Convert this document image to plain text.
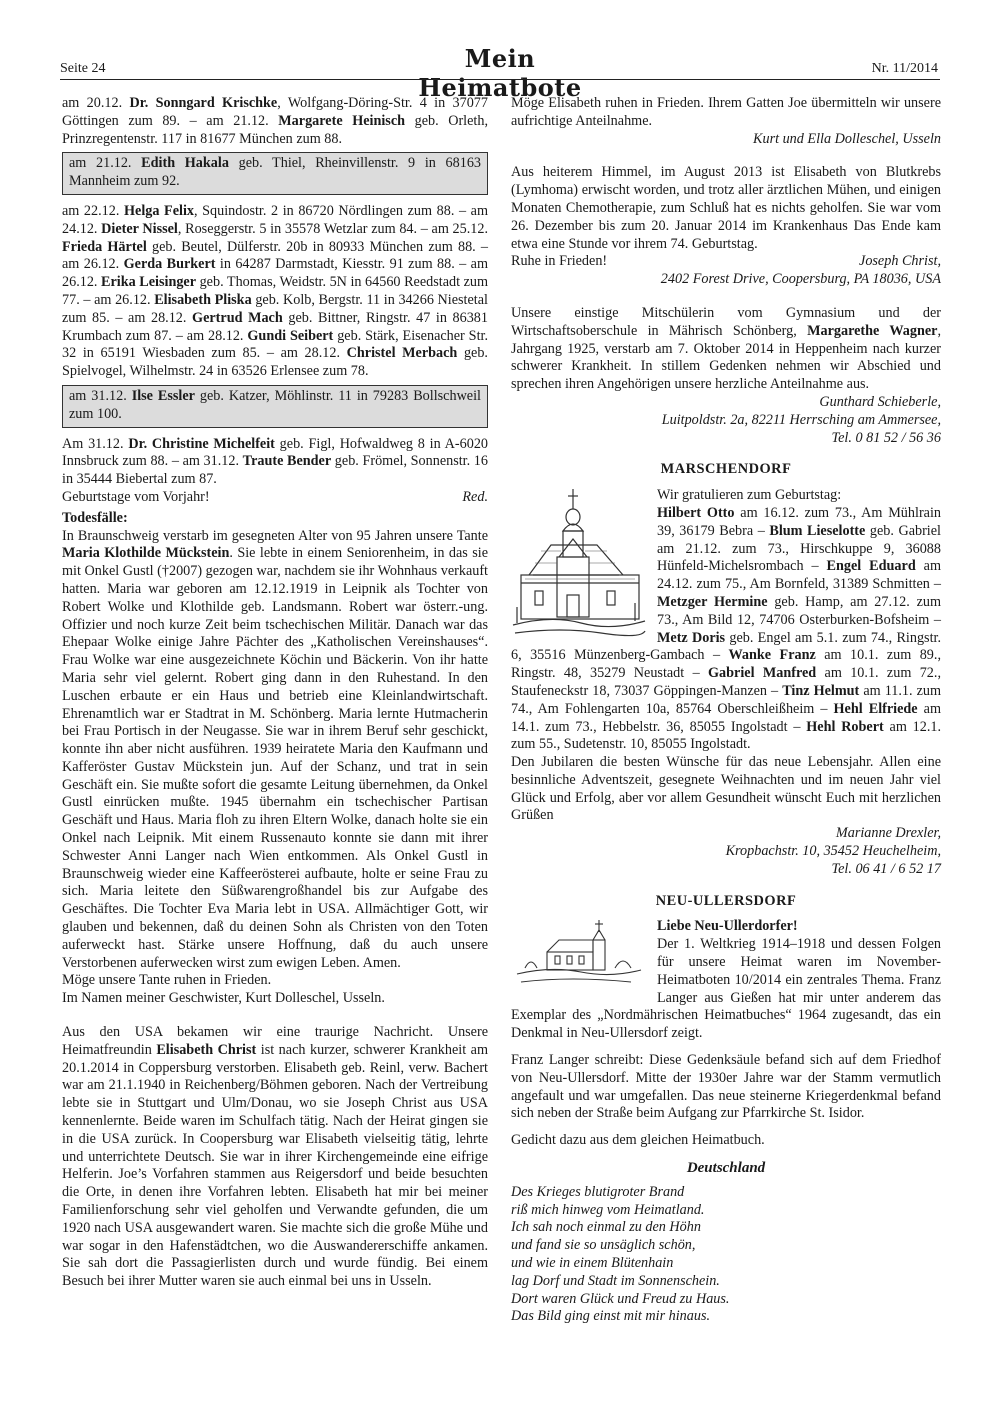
Seite 24	Mein Heimatbote
Nr. 11/2014

am 20.12. Dr. Sonngard Krischke, Wolfgang-Döring-Str. 4 in 37077 Göttingen zum 89. – am 21.12. Margarete Heinisch geb. Orleth, Prinzregentenstr. 117 in 81677 München zum 88.

am 21.12. Edith Hakala geb. Thiel, Rheinvillenstr. 9 in 68163 Mannheim zum 92.

am 22.12. Helga Felix, Squindostr. 2 in 86720 Nördlingen zum 88. – am 24.12. Dieter Nissel, Roseggerstr. 5 in 35578 Wetzlar zum 84. – am 25.12. Frieda Härtel geb. Beutel, Dülferstr. 20b in 80933 München zum 88. – am 26.12. Gerda Burkert in 64287 Darmstadt, Kiesstr. 91 zum 88. – am 26.12. Erika Leisinger geb. Thomas, Weidstr. 5N in 64560 Reedstadt zum 77. – am 26.12. Elisabeth Pliska geb. Kolb, Bergstr. 11 in 34266 Niestetal zum 85. – am 28.12. Gertrud Mach geb. Bittner, Ringstr. 47 in 86381 Krumbach zum 87. – am 28.12. Gundi Seibert geb. Stärk, Eisenacher Str. 32 in 65191 Wiesbaden zum 85. – am 28.12. Christel Merbach geb. Spielvogel, Wilhelmstr. 24 in 63526 Erlensee zum 78.

am 31.12. Ilse Essler geb. Katzer, Möhlinstr. 11 in 79283 Bollschweil zum 100.

Am 31.12. Dr. Christine Michelfeit geb. Figl, Hofwaldweg 8 in A-6020 Innsbruck zum 88. – am 31.12. Traute Bender geb. Frömel, Sonnenstr. 16 in 35444 Biebertal zum 87.

Geburtstage vom Vorjahr!	Red.

Todesfälle:

In Braunschweig verstarb im gesegneten Alter von 95 Jahren unsere Tante Maria Klothilde Mückstein. Sie lebte in einem Seniorenheim, in das sie mit Onkel Gustl (†2007) gezogen war, nachdem sie ihr Wohnhaus verkauft hatten. Maria war geboren am 12.12.1919 in Leipnik als Tochter von Robert Wolke und Klothilde geb. Landsmann. Robert war österr.-ung. Offizier und noch kurze Zeit beim tschechischen Militär. Danach war das Ehepaar Wolke einige Jahre Pächter des „Katholischen Vereinshauses“. Frau Wolke war eine ausgezeichnete Köchin und Bäckerin. Von ihr hatte Maria sehr viel gelernt. Robert ging dann in den Ruhestand. In den Luschen erbaute er ein Haus und betrieb eine Kleinlandwirtschaft. Ehrenamtlich war er Stadtrat in M. Schönberg. Maria lernte Hutmacherin bei Frau Portisch in der Neugasse. Sie war in ihrem Beruf sehr geschickt, konnte ihn aber nicht ausführen. 1939 heiratete Maria den Kaufmann und Kafferöster Gustav Mückstein jun. Auf der Schanz, und trat in sein Geschäft ein. Sie mußte sofort die gesamte Leitung übernehmen, da Onkel Gustl einrücken mußte. 1945 übernahm ein tschechischer Partisan Geschäft und Haus. Maria floh zu ihren Eltern Wolke, danach holte sie ein Onkel nach Leipnik. Mit einem Russenauto konnte sie dann mit ihrer Schwester Anni Langer nach Wien entkommen. Als Onkel Gustl in Braunschweig wieder eine Kaffeerösterei aufbaute, holte er seine Frau zu sich. Maria leitete den Süßwarengroßhandel bis zur Aufgabe des Geschäftes. Die Tochter Eva Maria lebt in USA. Allmächtiger Gott, wir glauben und bekennen, daß du deinen Sohn als Christen von den Toten auferweckt hast. Stärke unsere Hoffnung, daß du auch unsere Verstorbenen auferwecken wirst zum ewigen Leben. Amen.

Möge unsere Tante ruhen in Frieden.

Im Namen meiner Geschwister, Kurt Dolleschel, Usseln.

Aus den USA bekamen wir eine traurige Nachricht. Unsere Heimatfreundin Elisabeth Christ ist nach kurzer, schwerer Krankheit am 20.1.2014 in Coppersburg verstorben. Elisabeth geb. Reinl, verw. Bachert war am 21.1.1940 in Reichenberg/Böhmen geboren. Nach der Vertreibung lebte sie in Stuttgart und Ulm/Donau, wo sie Joseph Christ aus USA kennenlernte. Beide waren im Schulfach tätig. Nach der Heirat gingen sie in die USA zurück. In Coopersburg war Elisabeth vielseitig tätig, lehrte und unterrichtete Deutsch. Sie war in ihrer Kirchengemeinde eine eifrige Helferin. Joe’s Vorfahren stammen aus Reigersdorf und beide besuchten die Orte, in denen ihre Vorfahren lebten. Elisabeth hat mir bei meiner Familienforschung sehr viel geholfen und Verwandte gefunden, die um 1920 nach USA ausgewandert waren. Sie machte sich die große Mühe und war sogar in den Hafenstädtchen, wo die Auswandererschiffe ankamen. Sie sah dort die Passagierlisten durch und wurde fündig. Bei einem Besuch bei ihrer Mutter waren sie auch einmal bei uns in Usseln.

Möge Elisabeth ruhen in Frieden. Ihrem Gatten Joe übermitteln wir unsere aufrichtige Anteilnahme.

Kurt und Ella Dolleschel, Usseln

Aus heiterem Himmel, im August 2013 ist Elisabeth von Blutkrebs (Lymhoma) erwischt worden, und trotz aller ärztlichen Mühen, und einigen Monaten Chemotherapie, zum Schluß hat es nichts geholfen. Sie war vom 26. Dezember bis zum 20. Januar 2014 im Krankenhaus Das Ende kam etwa eine Stunde vor ihrem 74. Geburtstag.

Ruhe in Frieden!	Joseph Christ,

2402 Forest Drive, Coopersburg, PA 18036, USA

Unsere einstige Mitschülerin vom Gymnasium und der Wirtschaftsoberschule in Mährisch Schönberg, Margarethe Wagner, Jahrgang 1925, verstarb am 7. Oktober 2014 in Heppenheim nach kurzer schwerer Krankheit. In stillem Gedenken nehmen wir Abschied und sprechen ihren Angehörigen unsere herzliche Anteilnahme aus.

Gunthard Schieberle,

Luitpoldstr. 2a, 82211 Herrsching am Ammersee,

Tel. 0 81 52 / 56 36

MARSCHENDORF

Wir gratulieren zum Geburtstag:

Hilbert Otto am 16.12. zum 73., Am Mühlrain 39, 36179 Bebra – Blum Lieselotte geb. Gabriel am 21.12. zum 73., Hirschkuppe 9, 36088 Hünfeld-Michelsrombach – Engel Eduard am 24.12. zum 75., Am Bornfeld, 31389 Schmitten – Metzger Hermine geb. Hamp, am 27.12. zum 73., Am Bild 12, 74706 Osterburken-Bofsheim – Metz Doris geb. Engel am 5.1. zum 74., Ringstr. 6, 35516 Münzenberg-Gambach – Wanke Franz am 10.1. zum 89., Ringstr. 48, 35279 Neustadt – Gabriel Manfred am 10.1. zum 72., Staufeneckstr 18, 73037 Göppingen-Manzen – Tinz Helmut am 11.1. zum 74., Am Fohlengarten 10a, 85764 Oberschleißheim – Hehl Elfriede am 14.1. zum 73., Hebbelstr. 36, 85055 Ingolstadt – Hehl Robert am 12.1. zum 55., Sudetenstr. 10, 85055 Ingolstadt.

Den Jubilaren die besten Wünsche für das neue Lebensjahr. Allen eine besinnliche Adventszeit, gesegnete Weihnachten und im neuen Jahr viel Glück und Erfolg, aber vor allem Gesundheit wünscht Euch mit herzlichen Grüßen

Marianne Drexler,

Kropbachstr. 10, 35452 Heuchelheim,

Tel. 06 41 / 6 52 17

NEU-ULLERSDORF

Liebe Neu-Ullerdorfer!

Der 1. Weltkrieg 1914–1918 und dessen Folgen für unsere Heimat waren im November-Heimatboten 10/2014 ein zentrales Thema. Franz Langer aus Gießen hat mir unter anderem das Exemplar des „Nordmährischen Heimatbuches“ 1964 zugesandt, das ein Denkmal in Neu-Ullersdorf zeigt.

Franz Langer schreibt: Diese Gedenksäule befand sich auf dem Friedhof von Neu-Ullersdorf. Mitte der 1930er Jahre war der Stamm vermutlich angefault und war umgefallen. Das neue steinerne Kriegerdenkmal befand sich neben der Straße beim Aufgang zur Pfarrkirche St. Isidor.

Gedicht dazu aus dem gleichen Heimatbuch.

Deutschland

Des Krieges blutigroter Brand

riß mich hinweg vom Heimatland.

Ich sah noch einmal zu den Höhn

und fand sie so unsäglich schön,

und wie in einem Blütenhain

lag Dorf und Stadt im Sonnenschein.

Dort waren Glück und Freud zu Haus.

Das Bild ging einst mit mir hinaus.
